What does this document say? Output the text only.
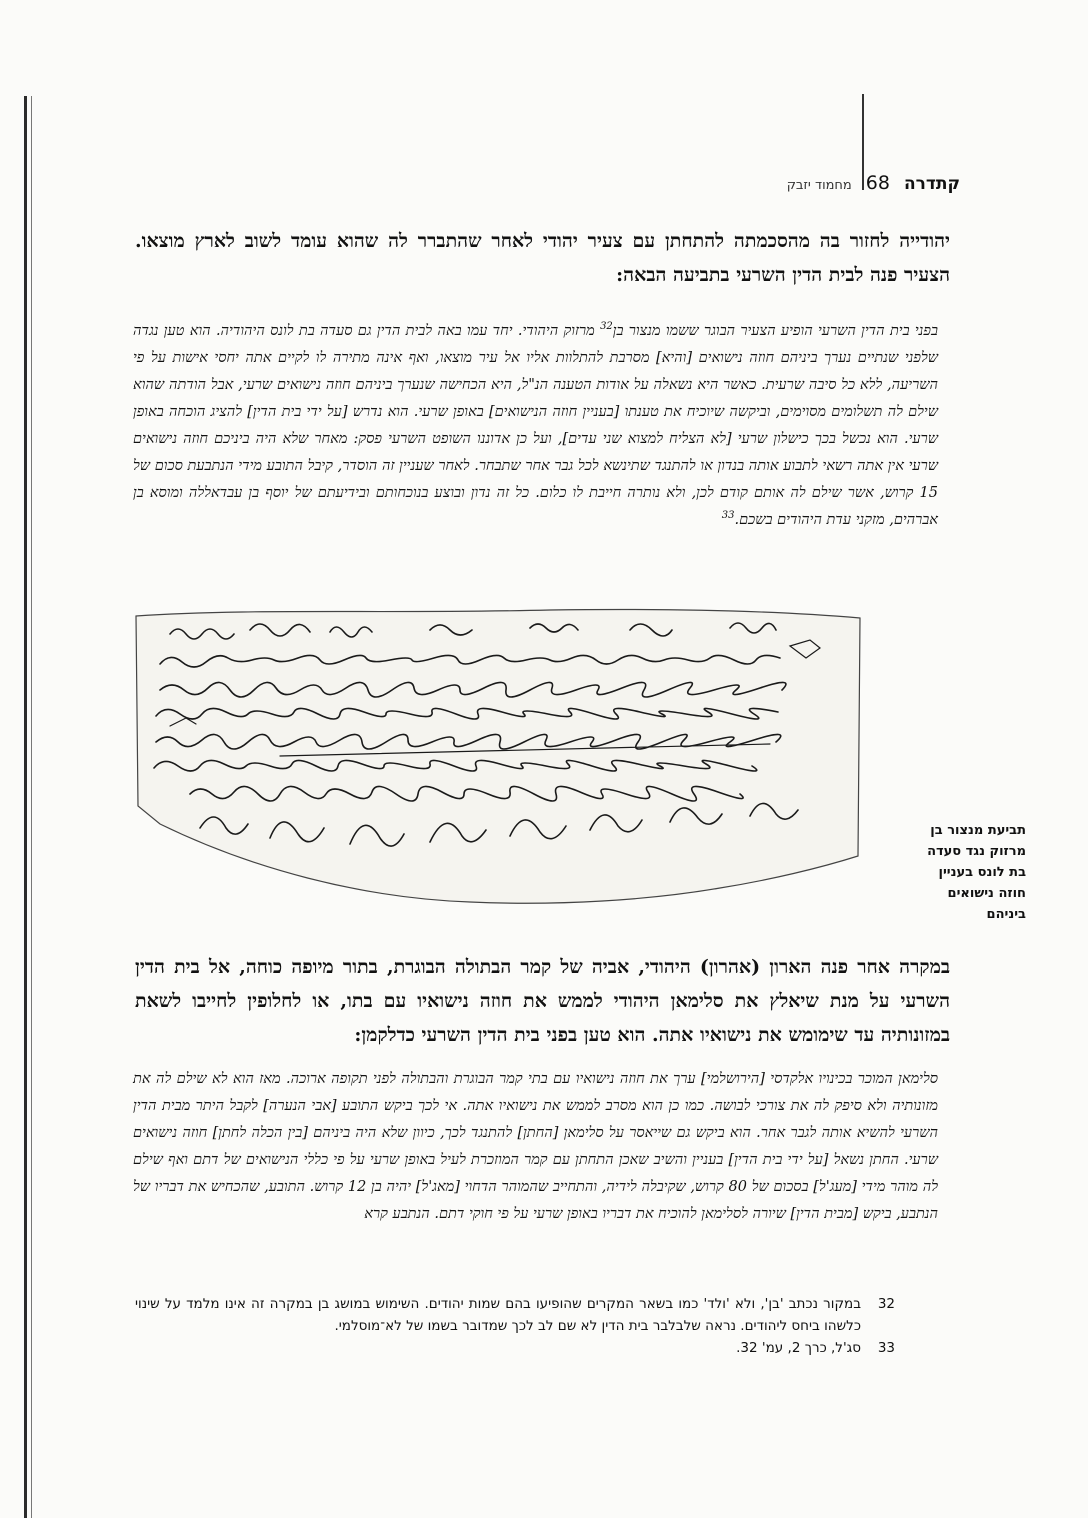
קתדרה
68
מחמוד יזבק

יהודייה לחזור בה מהסכמתה להתחתן עם צעיר יהודי לאחר שהתברר לה שהוא עומד לשוב לארץ מוצאו. הצעיר פנה לבית הדין השרעי בתביעה הבאה:

בפני בית הדין השרעי הופיע הצעיר הבוגר ששמו מנצור בן$^{32}$ מרזוק היהודי. יחד עמו באה לבית הדין גם סעדה בת לונס היהודיה. הוא טען נגדה שלפני שנתיים נערך ביניהם חוזה נישואים [והיא] מסרבת להתלוות אליו אל עיר מוצאו, ואף אינה מתירה לו לקיים אתה יחסי אישות על פי השריעה, ללא כל סיבה שרעית. כאשר היא נשאלה על אודות הטענה הנ"ל, היא הכחישה שנערך ביניהם חוזה נישואים שרעי, אבל הודתה שהוא שילם לה תשלומים מסוימים, וביקשה שיוכיח את טענתו [בעניין חוזה הנישואים] באופן שרעי. הוא נדרש [על ידי בית הדין] להציג הוכחה באופן שרעי. הוא נכשל בכך כישלון שרעי [לא הצליח למצוא שני עדים], ועל כן אדוננו השופט השרעי פסק: מאחר שלא היה ביניכם חוזה נישואים שרעי אין אתה רשאי לתבוע אותה בנדון או להתנגד שתינשא לכל גבר אחר שתבחר. לאחר שעניין זה הוסדר, קיבל התובע מידי הנתבעת סכום של 15 קרוש, אשר שילם לה אותם קודם לכן, ולא נותרה חייבת לו כלום. כל זה נדון ובוצע בנוכחותם ובידיעתם של יוסף בן עבדאללה ומוסא בן אברהים, מזקני עדת היהודים בשכם.$^{33}$

תביעת מנצור בן מרזוק נגד סעדה בת לונס בעניין חוזה נישואים ביניהם

במקרה אחר פנה הארון (אהרון) היהודי, אביה של קמר הבתולה הבוגרת, בתור מיופה כוחה, אל בית הדין השרעי על מנת שיאלץ את סלימאן היהודי לממש את חוזה נישואיו עם בתו, או לחלופין לחייבו לשאת במזונותיה עד שימומש את נישואיו אתה. הוא טען בפני בית הדין השרעי כדלקמן:

סלימאן המוכר בכינויו אלקדסי [הירושלמי] ערך את חוזה נישואיו עם בתי קמר הבוגרת והבתולה לפני תקופה ארוכה. מאז הוא לא שילם לה את מזונותיה ולא סיפק לה את צורכי לבושה. כמו כן הוא מסרב לממש את נישואיו אתה. אי לכך ביקש התובע [אבי הנערה] לקבל היתר מבית הדין השרעי להשיא אותה לגבר אחר. הוא ביקש גם שייאסר על סלימאן [החתן] להתנגד לכך, כיוון שלא היה ביניהם [בין הכלה לחתן] חוזה נישואים שרעי. החתן נשאל [על ידי בית הדין] בעניין והשיב שאכן התחתן עם קמר המוזכרת לעיל באופן שרעי על פי כללי הנישואים של דתם ואף שילם לה מוהר מידי [מעג'ל] בסכום של 80 קרוש, שקיבלה לידיה, והתחייב שהמוהר הדחוי [מאג'ל] יהיה בן 12 קרוש. התובע, שהכחיש את דבריו של הנתבע, ביקש [מבית הדין] שיורה לסלימאן להוכיח את דבריו באופן שרעי על פי חוקי דתם. הנתבע קרא

32
במקור נכתב 'בן', ולא 'ולד' כמו בשאר המקרים שהופיעו בהם שמות יהודים. השימוש במושג בן במקרה זה אינו מלמד על שינוי כלשהו ביחס ליהודים. נראה שלבלבר בית הדין לא שם לב לכך שמדובר בשמו של לא־מוסלמי.

33
סג'ל, כרך 2, עמ' 32.
